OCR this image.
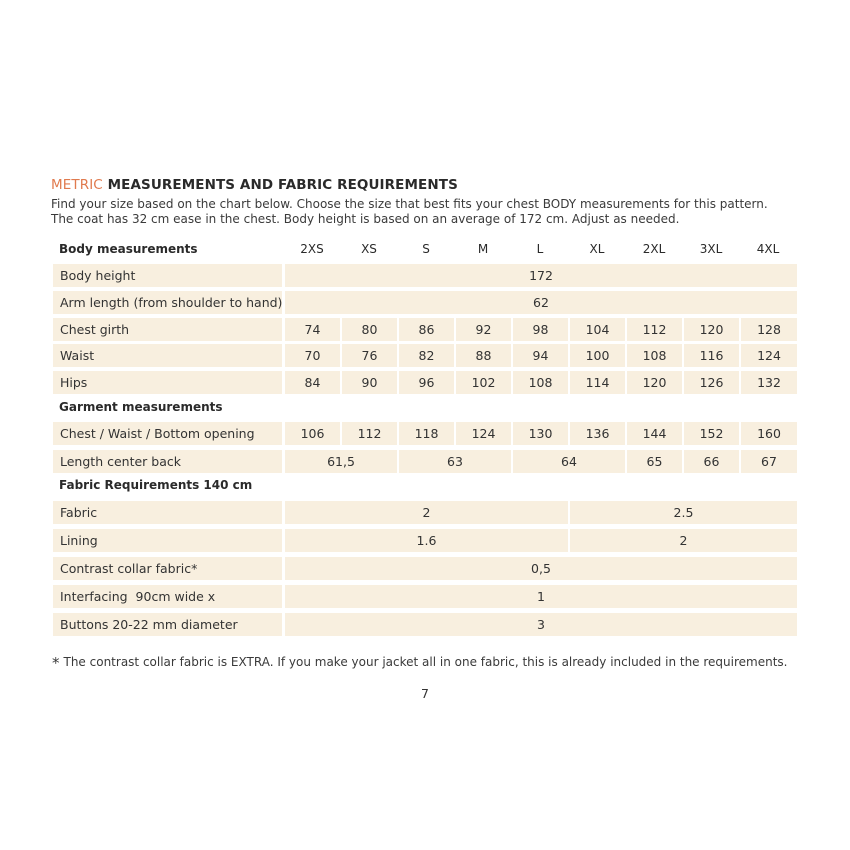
METRIC MEASUREMENTS AND FABRIC REQUIREMENTS
Find your size based on the chart below. Choose the size that best fits your chest BODY measurements for this pattern.
The coat has 32 cm ease in the chest. Body height is based on an average of 172 cm. Adjust as needed.
Body measurements	2XS	XS	S	M	L	XL	2XL	3XL	4XL
Body height	172
Arm length (from shoulder to hand)	62
Chest girth	74	80	86	92	98	104	112	120	128
Waist	70	76	82	88	94	100	108	116	124
Hips	84	90	96	102	108	114	120	126	132
Garment measurements
Chest / Waist / Bottom opening	106	112	118	124	130	136	144	152	160
Length center back	61,5	63	64	65	66	67
Fabric Requirements 140 cm
Fabric	2	2.5
Lining	1.6	2
Contrast collar fabric*	0,5
Interfacing  90cm wide x	1
Buttons 20-22 mm diameter	3
* The contrast collar fabric is EXTRA. If you make your jacket all in one fabric, this is already included in the requirements.
7
